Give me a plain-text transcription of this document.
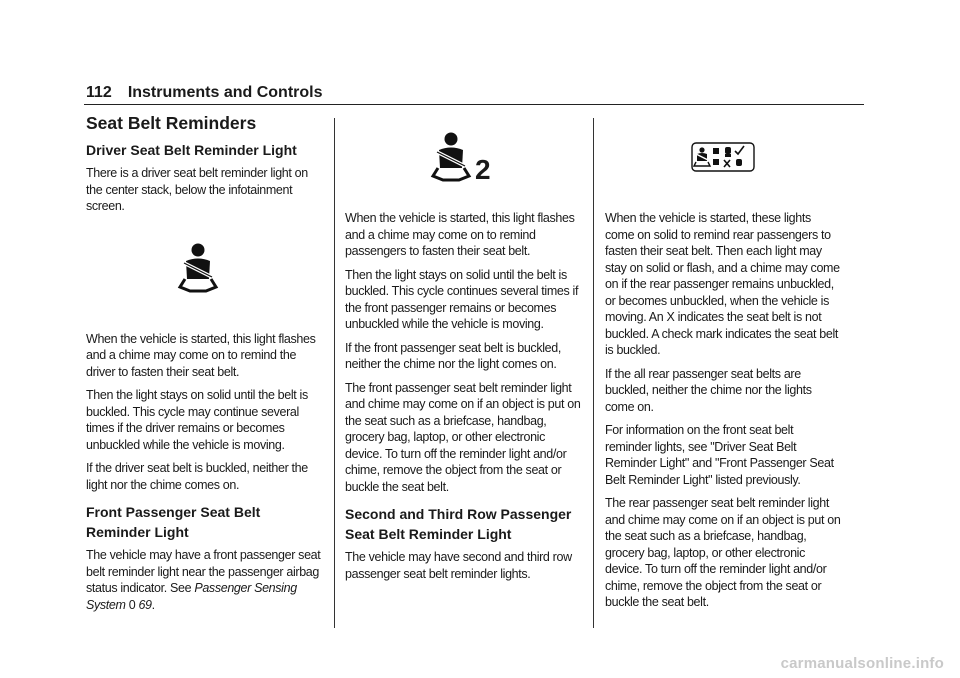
112 Instruments and Controls
Seat Belt Reminders
Driver Seat Belt Reminder Light

There is a driver seat belt reminder light on the center stack, below the infotainment screen.

When the vehicle is started, this light flashes and a chime may come on to remind the driver to fasten their seat belt.

Then the light stays on solid until the belt is buckled. This cycle may continue several times if the driver remains or becomes unbuckled while the vehicle is moving.

If the driver seat belt is buckled, neither the light nor the chime comes on.

Front Passenger Seat Belt Reminder Light

The vehicle may have a front passenger seat belt reminder light near the passenger airbag status indicator. See Passenger Sensing System 0 69.

2

When the vehicle is started, this light flashes and a chime may come on to remind passengers to fasten their seat belt.

Then the light stays on solid until the belt is buckled. This cycle continues several times if the front passenger remains or becomes unbuckled while the vehicle is moving.

If the front passenger seat belt is buckled, neither the chime nor the light comes on.

The front passenger seat belt reminder light and chime may come on if an object is put on the seat such as a briefcase, handbag, grocery bag, laptop, or other electronic device. To turn off the reminder light and/or chime, remove the object from the seat or buckle the seat belt.

Second and Third Row Passenger Seat Belt Reminder Light

The vehicle may have second and third row passenger seat belt reminder lights.

When the vehicle is started, these lights come on solid to remind rear passengers to fasten their seat belt. Then each light may stay on solid or flash, and a chime may come on if the rear passenger remains unbuckled, or becomes unbuckled, when the vehicle is moving. An X indicates the seat belt is not buckled. A check mark indicates the seat belt is buckled.

If the all rear passenger seat belts are buckled, neither the chime nor the lights come on.

For information on the front seat belt reminder lights, see "Driver Seat Belt Reminder Light" and "Front Passenger Seat Belt Reminder Light" listed previously.

The rear passenger seat belt reminder light and chime may come on if an object is put on the seat such as a briefcase, handbag, grocery bag, laptop, or other electronic device. To turn off the reminder light and/or chime, remove the object from the seat or buckle the seat belt.

carmanualsonline.info
